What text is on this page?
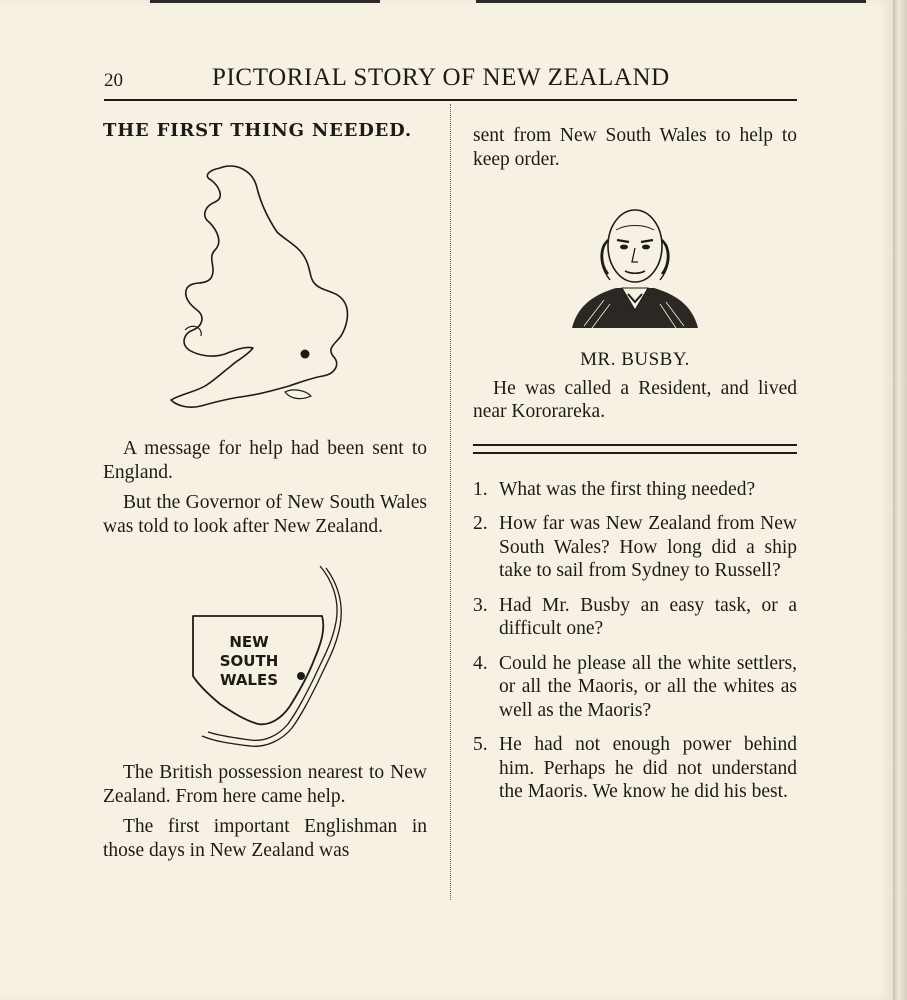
20	PICTORIAL STORY OF NEW ZEALAND
THE FIRST THING NEEDED.

A message for help had been sent to England.

But the Governor of New South Wales was told to look after New Zealand.

The British possession nearest to New Zealand. From here came help.

The first important Englishman in those days in New Zealand was

NEW
SOUTH
WALES

sent from New South Wales to help to keep order.

MR. BUSBY.

He was called a Resident, and lived near Kororareka.

1. What was the first thing needed?
2. How far was New Zealand from New South Wales? How long did a ship take to sail from Sydney to Russell?
3. Had Mr. Busby an easy task, or a difficult one?
4. Could he please all the white settlers, or all the Maoris, or all the whites as well as the Maoris?
5. He had not enough power behind him. Perhaps he did not understand the Maoris. We know he did his best.
